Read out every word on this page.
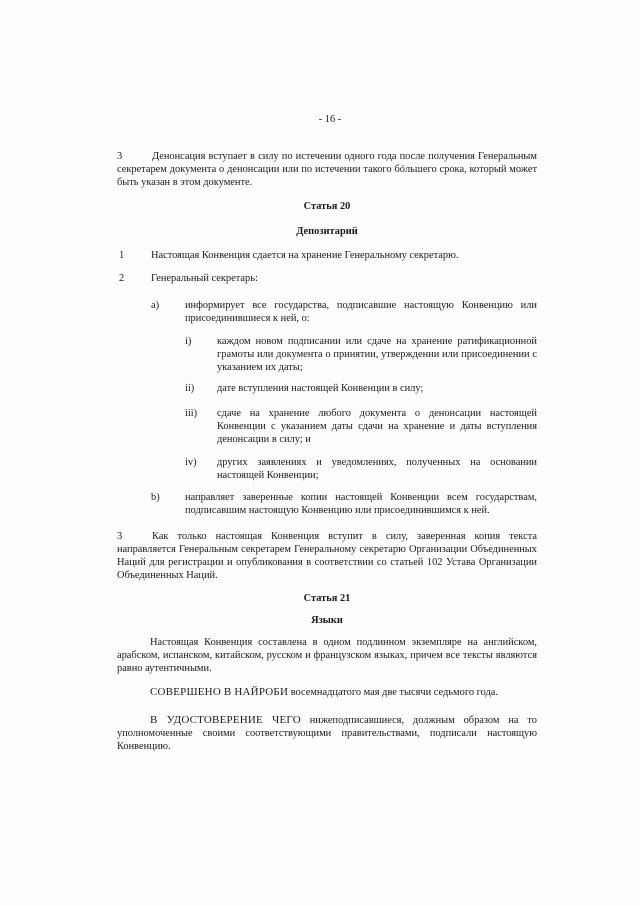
- 16 -
3	Денонсация вступает в силу по истечении одного года после получения Генеральным секретарем документа о денонсации или по истечении такого бóльшего срока, который может быть указан в этом документе.

Статья 20
Депозитарий
1	Настоящая Конвенция сдается на хранение Генеральному секретарю.

2	Генеральный секретарь:

a) информирует все государства, подписавшие настоящую Конвенцию или присоединившиеся к ней, о:

i) каждом новом подписании или сдаче на хранение ратификационной грамоты или документа о принятии, утверждении или присоединении с указанием их даты;

ii) дате вступления настоящей Конвенции в силу;

iii) сдаче на хранение любого документа о денонсации настоящей Конвенции с указанием даты сдачи на хранение и даты вступления денонсации в силу; и

iv) других заявлениях и уведомлениях, полученных на основании настоящей Конвенции;

b) направляет заверенные копии настоящей Конвенции всем государствам, подписавшим настоящую Конвенцию или присоединившимся к ней.

3	Как только настоящая Конвенция вступит в силу, заверенная копия текста направляется Генеральным секретарем Генеральному секретарю Организации Объединенных Наций для регистрации и опубликования в соответствии со статьей 102 Устава Организации Объединенных Наций.

Статья 21
Языки

Настоящая Конвенция составлена в одном подлинном экземпляре на английском, арабском, испанском, китайском, русском и французском языках, причем все тексты являются равно аутентичными.

СОВЕРШЕНО В НАЙРОБИ восемнадцатого мая две тысячи седьмого года.

В УДОСТОВЕРЕНИЕ ЧЕГО нижеподписавшиеся, должным образом на то уполномоченные своими соответствующими правительствами, подписали настоящую Конвенцию.
